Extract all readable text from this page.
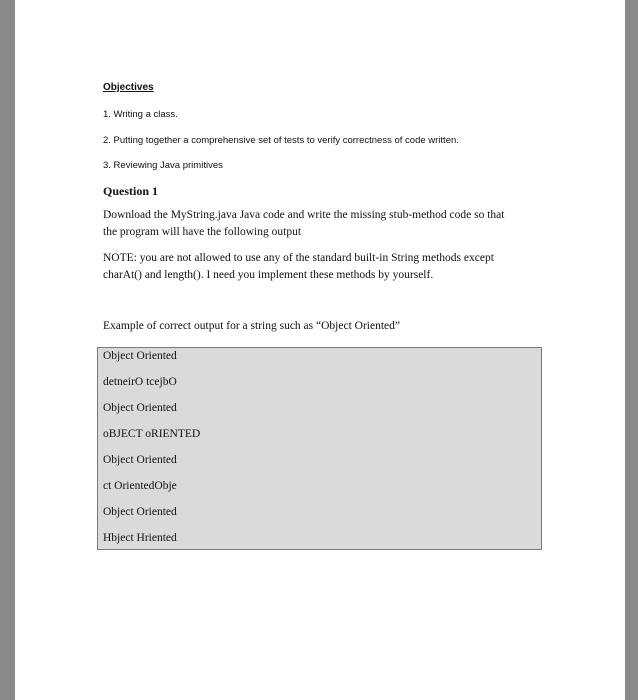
Objectives
1. Writing a class.
2. Putting together a comprehensive set of tests to verify correctness of code written.
3. Reviewing Java primitives
Question 1
Download the MyString.java Java code and write the missing stub-method code so that
the program will have the following output
NOTE: you are not allowed to use any of the standard built-in String methods except
charAt() and length(). I need you implement these methods by yourself.
Example of correct output for a string such as “Object Oriented”
Object Oriented
detneirO tcejbO
Object Oriented
oBJECT oRIENTED
Object Oriented
ct OrientedObje
Object Oriented
Hbject Hriented
